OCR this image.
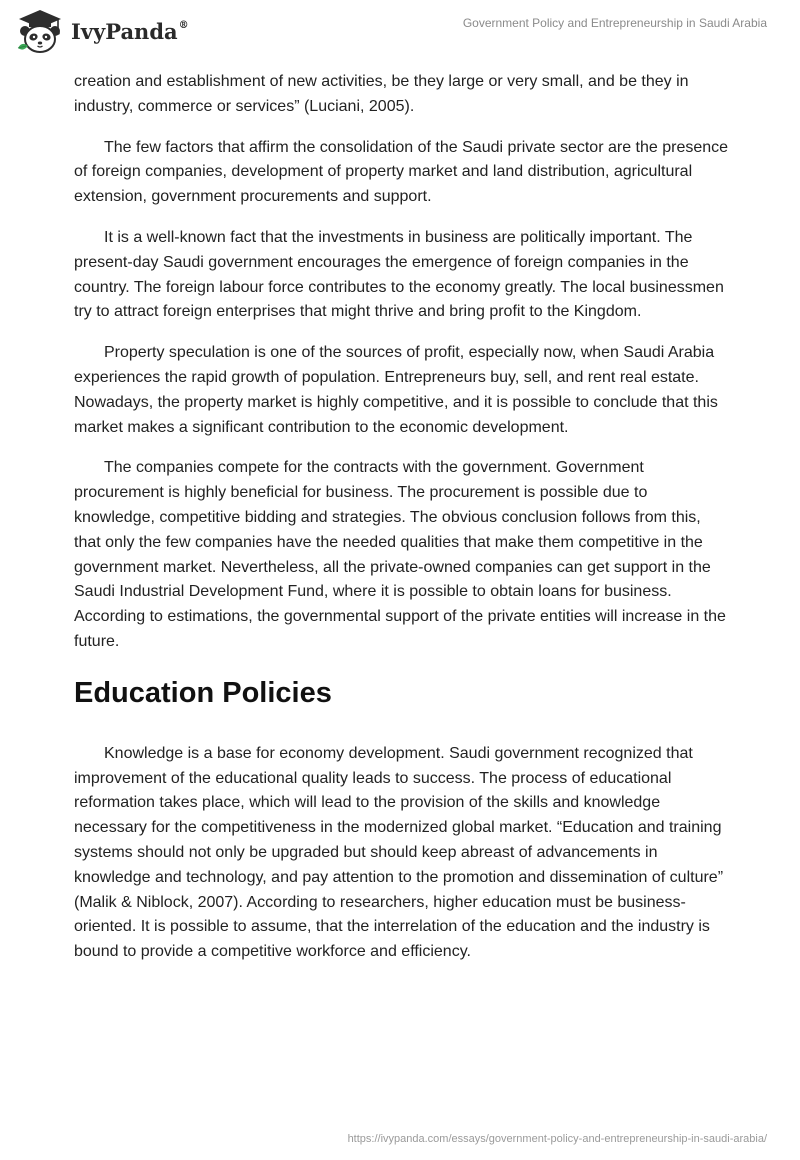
IvyPanda®	Government Policy and Entrepreneurship in Saudi Arabia

creation and establishment of new activities, be they large or very small, and be they in industry, commerce or services” (Luciani, 2005).

The few factors that affirm the consolidation of the Saudi private sector are the presence of foreign companies, development of property market and land distribution, agricultural extension, government procurements and support.

It is a well-known fact that the investments in business are politically important. The present-day Saudi government encourages the emergence of foreign companies in the country. The foreign labour force contributes to the economy greatly. The local businessmen try to attract foreign enterprises that might thrive and bring profit to the Kingdom.

Property speculation is one of the sources of profit, especially now, when Saudi Arabia experiences the rapid growth of population. Entrepreneurs buy, sell, and rent real estate. Nowadays, the property market is highly competitive, and it is possible to conclude that this market makes a significant contribution to the economic development.

The companies compete for the contracts with the government. Government procurement is highly beneficial for business. The procurement is possible due to knowledge, competitive bidding and strategies. The obvious conclusion follows from this, that only the few companies have the needed qualities that make them competitive in the government market. Nevertheless, all the private-owned companies can get support in the Saudi Industrial Development Fund, where it is possible to obtain loans for business. According to estimations, the governmental support of the private entities will increase in the future.

Education Policies

Knowledge is a base for economy development. Saudi government recognized that improvement of the educational quality leads to success. The process of educational reformation takes place, which will lead to the provision of the skills and knowledge necessary for the competitiveness in the modernized global market. “Education and training systems should not only be upgraded but should keep abreast of advancements in knowledge and technology, and pay attention to the promotion and dissemination of culture” (Malik & Niblock, 2007). According to researchers, higher education must be business-oriented. It is possible to assume, that the interrelation of the education and the industry is bound to provide a competitive workforce and efficiency.

https://ivypanda.com/essays/government-policy-and-entrepreneurship-in-saudi-arabia/
